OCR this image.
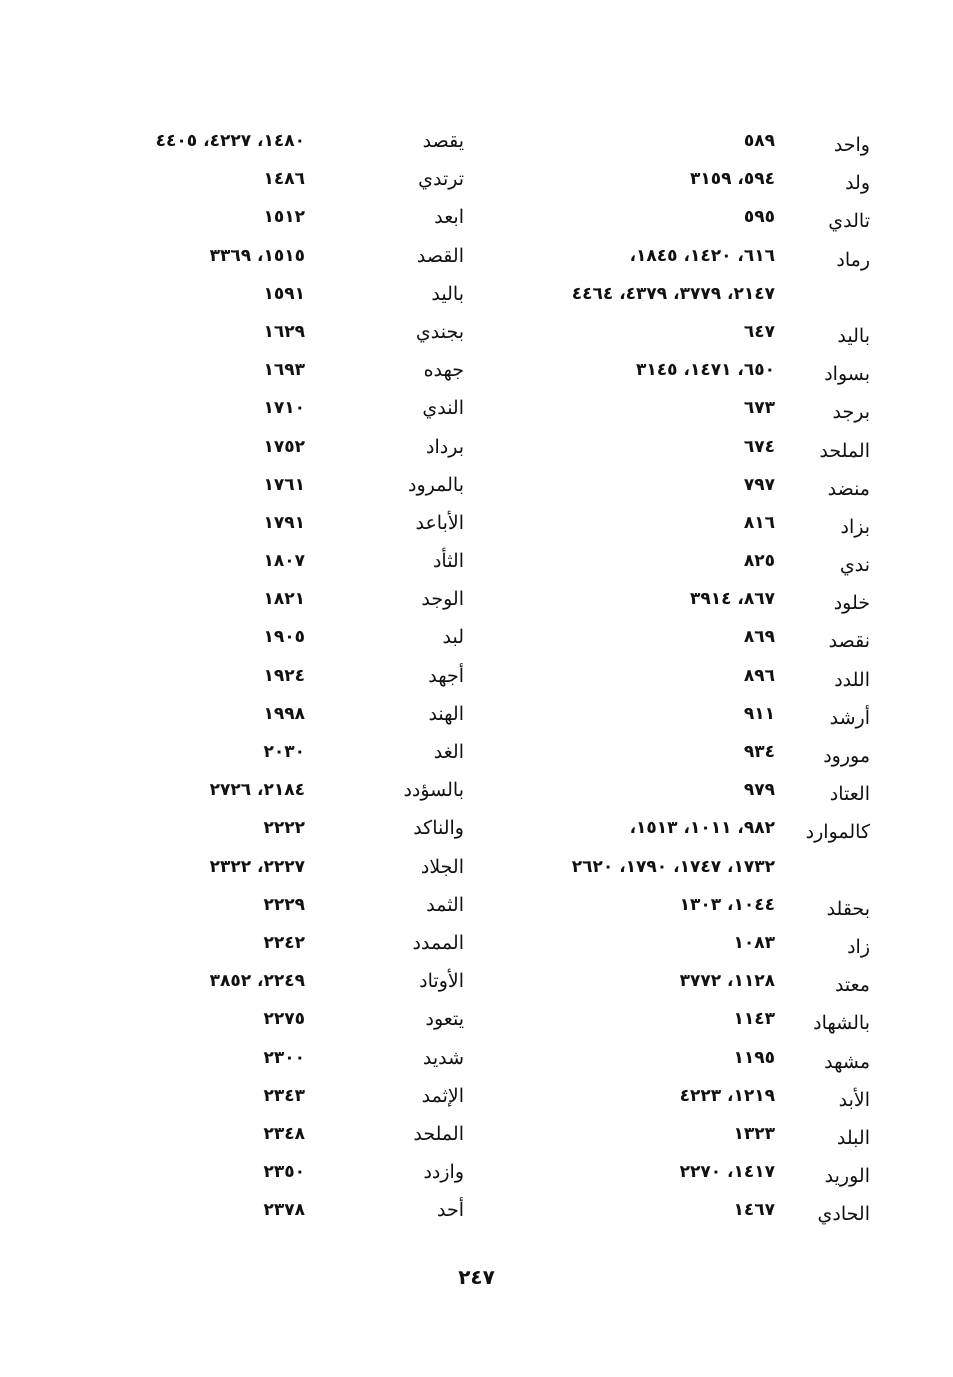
واحد
٥٨٩
يقصد
١٤٨٠، ٤٢٢٧، ٤٤٠٥
ولد
٥٩٤، ٣١٥٩
ترتدي
١٤٨٦
تالدي
٥٩٥
ابعد
١٥١٢
رماد
٦١٦، ١٤٢٠، ١٨٤٥،
القصد
١٥١٥، ٣٣٦٩
٢١٤٧، ٣٧٧٩، ٤٣٧٩، ٤٤٦٤
باليد
١٥٩١
باليد
٦٤٧
بجندي
١٦٢٩
بسواد
٦٥٠، ١٤٧١، ٣١٤٥
جهده
١٦٩٣
برجد
٦٧٣
الندي
١٧١٠
الملحد
٦٧٤
برداد
١٧٥٢
منضد
٧٩٧
بالمرود
١٧٦١
بزاد
٨١٦
الأباعد
١٧٩١
ندي
٨٢٥
الثأد
١٨٠٧
خلود
٨٦٧، ٣٩١٤
الوجد
١٨٢١
نقصد
٨٦٩
لبد
١٩٠٥
اللدد
٨٩٦
أجهد
١٩٢٤
أرشد
٩١١
الهند
١٩٩٨
مورود
٩٣٤
الغد
٢٠٣٠
العتاد
٩٧٩
بالسؤدد
٢١٨٤، ٢٧٢٦
كالموارد
٩٨٢، ١٠١١، ١٥١٣،
والناكد
٢٢٢٢
١٧٣٢، ١٧٤٧، ١٧٩٠، ٢٦٢٠
الجلاد
٢٢٢٧، ٢٣٢٢
بحقلد
١٠٤٤، ١٣٠٣
الثمد
٢٢٢٩
زاد
١٠٨٣
الممدد
٢٢٤٢
معتد
١١٢٨، ٣٧٧٢
الأوتاد
٢٢٤٩، ٣٨٥٢
بالشهاد
١١٤٣
يتعود
٢٢٧٥
مشهد
١١٩٥
شديد
٢٣٠٠
الأبد
١٢١٩، ٤٢٢٣
الإثمد
٢٣٤٣
البلد
١٣٢٣
الملحد
٢٣٤٨
الوريد
١٤١٧، ٢٢٧٠
وازدد
٢٣٥٠
الحادي
١٤٦٧
أحد
٢٣٧٨
٢٤٧
